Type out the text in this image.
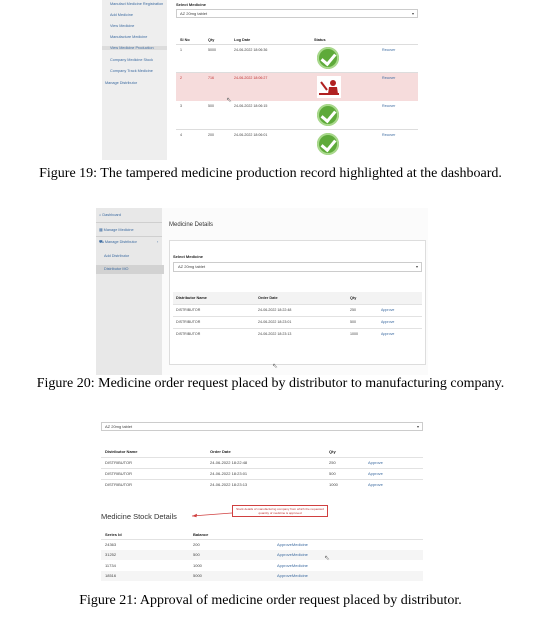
Manufact Medicine Registration
Add Medicine
View Medicine
Manufacture Medicine
View Medicine Production
Company Medicine Stock
Company Track Medicine
Manage Distributor
Select Medicine
AZ 20mg tablet	▾
Sl No	Qty	Log Date	Status
1	5000	24-06-2022 18:06:36	Recover
2	716	24-06-2022 18:06:27	Recover
⇖
3	500	24-06-2022 18:06:15	Recover
4	200	24-06-2022 18:06:01	Recover
Figure 19: The tampered medicine production record highlighted at the dashboard.
⌂ Dashboard
▦ Manage Medicine
⛟ Manage Distributor	‹
Add Distributor
Distributor MO
Medicine Details
Select Medicine
AZ 20mg tablet	▾
Distributor Name	Order Date	Qty
DISTRIBUTOR	24-06-2022 18:22:48	250	Approve
DISTRIBUTOR	24-06-2022 18:23:01	500	Approve
DISTRIBUTOR	24-06-2022 18:23:13	1000	Approve
⇖
Figure 20: Medicine order request placed by distributor to manufacturing company.
AZ 20mg tablet	▾
Distributor Name	Order Date	Qty
DISTRIBUTOR	24-06-2022 18:22:48	250	Approve
DISTRIBUTOR	24-06-2022 18:23:01	500	Approve
DISTRIBUTOR	24-06-2022 18:23:13	1000	Approve
Medicine Stock Details
Stock details of manufacturing company from which the requested quantity of medicine is approved
Series Id	Balance
24363	200	ApproveMedicine
31252	500	ApproveMedicine
11734	1000	ApproveMedicine
18516	5000	ApproveMedicine
⇖
Figure 21: Approval of medicine order request placed by distributor.
